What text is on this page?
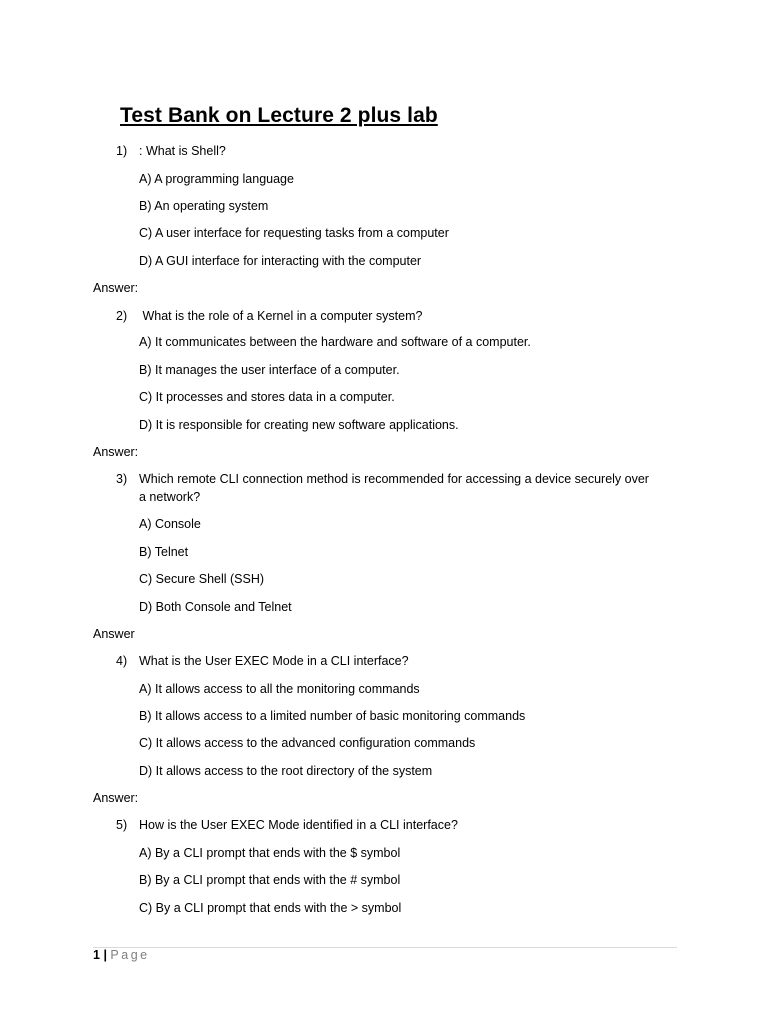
Test Bank on Lecture 2 plus lab
1) : What is Shell?
A) A programming language
B) An operating system
C) A user interface for requesting tasks from a computer
D) A GUI interface for interacting with the computer
Answer:
2) What is the role of a Kernel in a computer system?
A) It communicates between the hardware and software of a computer.
B) It manages the user interface of a computer.
C) It processes and stores data in a computer.
D) It is responsible for creating new software applications.
Answer:
3) Which remote CLI connection method is recommended for accessing a device securely over
a network?
A) Console
B) Telnet
C) Secure Shell (SSH)
D) Both Console and Telnet
Answer
4) What is the User EXEC Mode in a CLI interface?
A) It allows access to all the monitoring commands
B) It allows access to a limited number of basic monitoring commands
C) It allows access to the advanced configuration commands
D) It allows access to the root directory of the system
Answer:
5) How is the User EXEC Mode identified in a CLI interface?
A) By a CLI prompt that ends with the $ symbol
B) By a CLI prompt that ends with the # symbol
C) By a CLI prompt that ends with the > symbol
1 | Page
